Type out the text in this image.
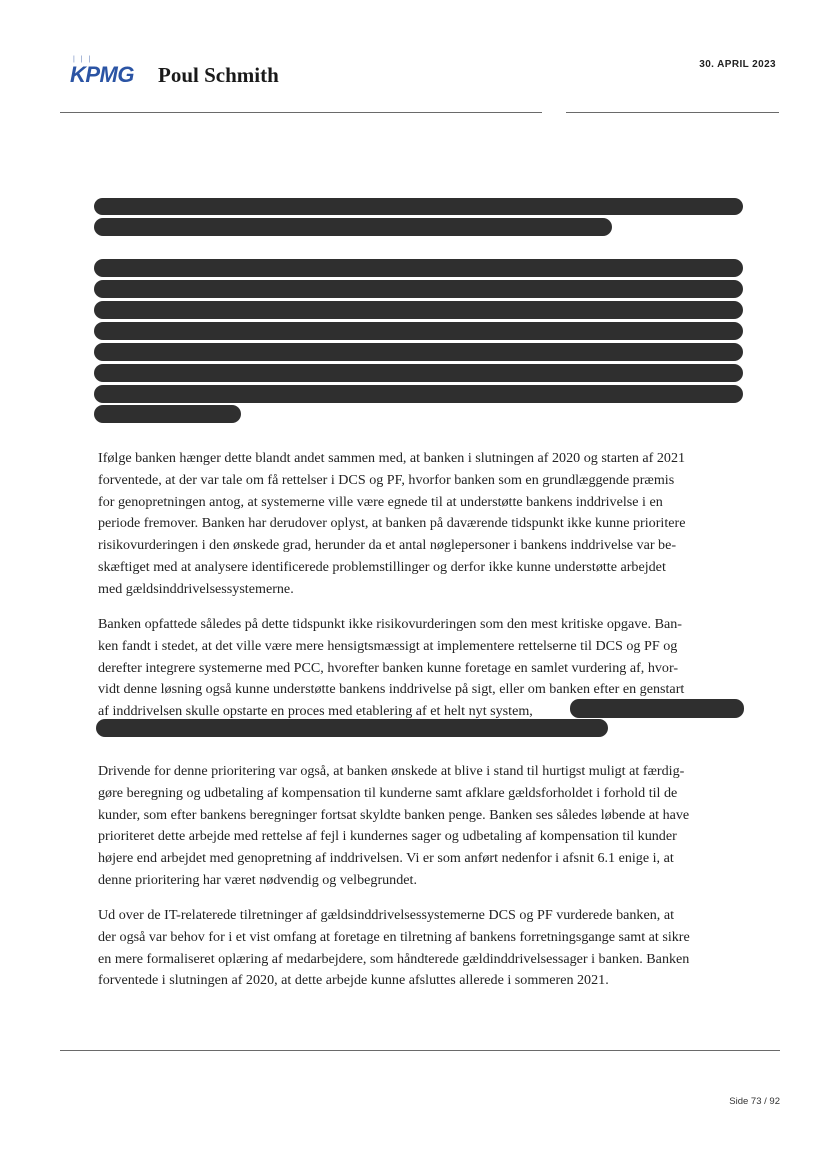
| | |
KPMG Poul Schmith	30. APRIL 2023
Ifølge banken hænger dette blandt andet sammen med, at banken i slutningen af 2020 og starten af 2021
forventede, at der var tale om få rettelser i DCS og PF, hvorfor banken som en grundlæggende præmis
for genopretningen antog, at systemerne ville være egnede til at understøtte bankens inddrivelse i en
periode fremover. Banken har derudover oplyst, at banken på daværende tidspunkt ikke kunne prioritere
risikovurderingen i den ønskede grad, herunder da et antal nøglepersoner i bankens inddrivelse var be-
skæftiget med at analysere identificerede problemstillinger og derfor ikke kunne understøtte arbejdet
med gældsinddrivelsessystemerne.
Banken opfattede således på dette tidspunkt ikke risikovurderingen som den mest kritiske opgave. Ban-
ken fandt i stedet, at det ville være mere hensigtsmæssigt at implementere rettelserne til DCS og PF og
derefter integrere systemerne med PCC, hvorefter banken kunne foretage en samlet vurdering af, hvor-
vidt denne løsning også kunne understøtte bankens inddrivelse på sigt, eller om banken efter en genstart
af inddrivelsen skulle opstarte en proces med etablering af et helt nyt system,
Drivende for denne prioritering var også, at banken ønskede at blive i stand til hurtigst muligt at færdig-
gøre beregning og udbetaling af kompensation til kunderne samt afklare gældsforholdet i forhold til de
kunder, som efter bankens beregninger fortsat skyldte banken penge. Banken ses således løbende at have
prioriteret dette arbejde med rettelse af fejl i kundernes sager og udbetaling af kompensation til kunder
højere end arbejdet med genopretning af inddrivelsen. Vi er som anført nedenfor i afsnit 6.1 enige i, at
denne prioritering har været nødvendig og velbegrundet.
Ud over de IT-relaterede tilretninger af gældsinddrivelsessystemerne DCS og PF vurderede banken, at
der også var behov for i et vist omfang at foretage en tilretning af bankens forretningsgange samt at sikre
en mere formaliseret oplæring af medarbejdere, som håndterede gældinddrivelsessager i banken. Banken
forventede i slutningen af 2020, at dette arbejde kunne afsluttes allerede i sommeren 2021.
Side 73 / 92
